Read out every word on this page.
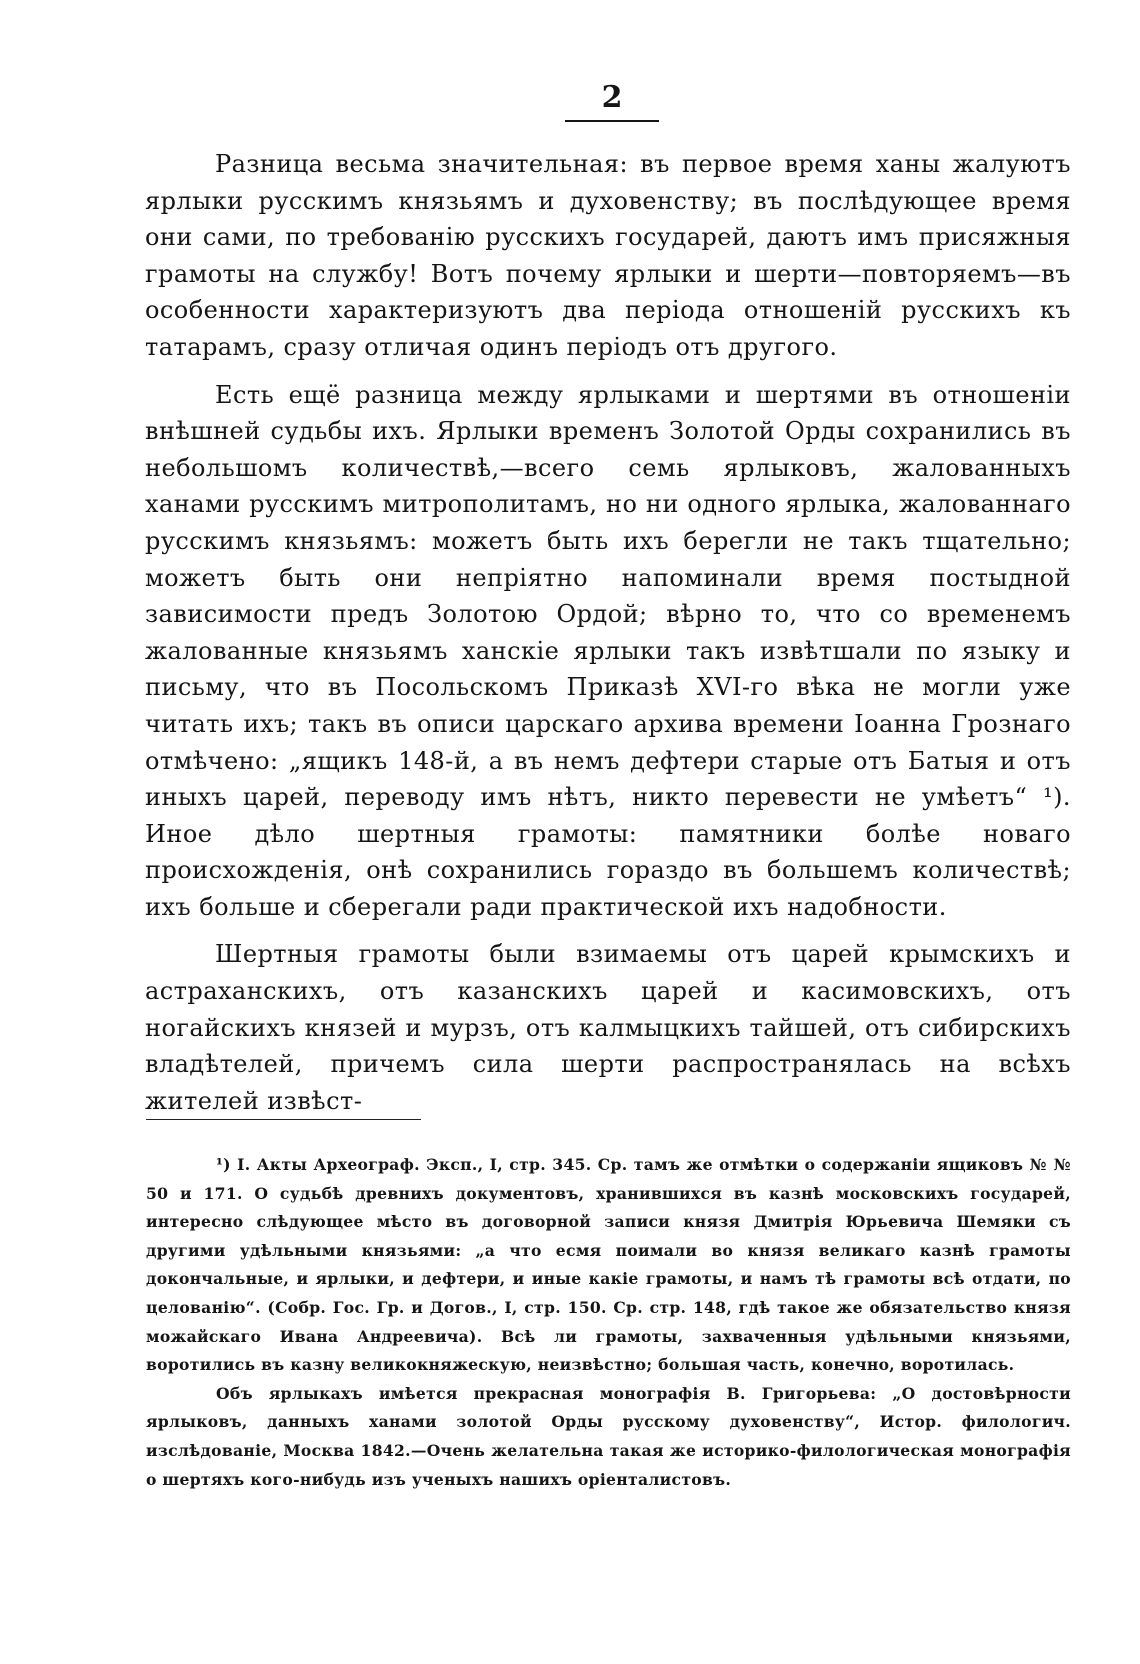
2

Разница весьма значительная: въ первое время ханы жалуютъ ярлыки русскимъ князьямъ и духовенству; въ послѣдующее время они сами, по требованію русскихъ государей, даютъ имъ присяжныя грамоты на службу! Вотъ почему ярлыки и шерти—повторяемъ—въ особенности характеризуютъ два періода отношеній русскихъ къ татарамъ, сразу отличая одинъ періодъ отъ другого.

Есть ещё разница между ярлыками и шертями въ отношеніи внѣшней судьбы ихъ. Ярлыки временъ Золотой Орды сохранились въ небольшомъ количествѣ,—всего семь ярлыковъ, жалованныхъ ханами русскимъ митрополитамъ, но ни одного ярлыка, жалованнаго русскимъ князьямъ: можетъ быть ихъ берегли не такъ тщательно; можетъ быть они непріятно напоминали время постыдной зависимости предъ Золотою Ордой; вѣрно то, что со временемъ жалованные князьямъ ханскіе ярлыки такъ извѣтшали по языку и письму, что въ Посольскомъ Приказѣ XVI-го вѣка не могли уже читать ихъ; такъ въ описи царскаго архива времени Іоанна Грознаго отмѣчено: „ящикъ 148-й, а въ немъ дефтери старые отъ Батыя и отъ иныхъ царей, переводу имъ нѣтъ, никто перевести не умѣетъ“ ¹). Иное дѣло шертныя грамоты: памятники болѣе новаго происхожденія, онѣ сохранились гораздо въ большемъ количествѣ; ихъ больше и сберегали ради практической ихъ надобности.

Шертныя грамоты были взимаемы отъ царей крымскихъ и астраханскихъ, отъ казанскихъ царей и касимовскихъ, отъ ногайскихъ князей и мурзъ, отъ калмыцкихъ тайшей, отъ сибирскихъ владѣтелей, причемъ сила шерти распространялась на всѣхъ жителей извѣст-

¹) І. Акты Археограф. Эксп., І, стр. 345. Ср. тамъ же отмѣтки о содержаніи ящиковъ № № 50 и 171. О судьбѣ древнихъ документовъ, хранившихся въ казнѣ московскихъ государей, интересно слѣдующее мѣсто въ договорной записи князя Дмитрія Юрьевича Шемяки съ другими удѣльными князьями: „а что есмя поимали во князя великаго казнѣ грамоты докончальные, и ярлыки, и дефтери, и иные какіе грамоты, и намъ тѣ грамоты всѣ отдати, по целованію“. (Собр. Гос. Гр. и Догов., І, стр. 150. Ср. стр. 148, гдѣ такое же обязательство князя можайскаго Ивана Андреевича). Всѣ ли грамоты, захваченныя удѣльными князьями, воротились въ казну великокняжескую, неизвѣстно; большая часть, конечно, воротилась.

Объ ярлыкахъ имѣется прекрасная монографія В. Григорьева: „О достовѣрности ярлыковъ, данныхъ ханами золотой Орды русскому духовенству“, Истор. филологич. изслѣдованіе, Москва 1842.—Очень желательна такая же историко-филологическая монографія о шертяхъ кого-нибудь изъ ученыхъ нашихъ оріенталистовъ.
